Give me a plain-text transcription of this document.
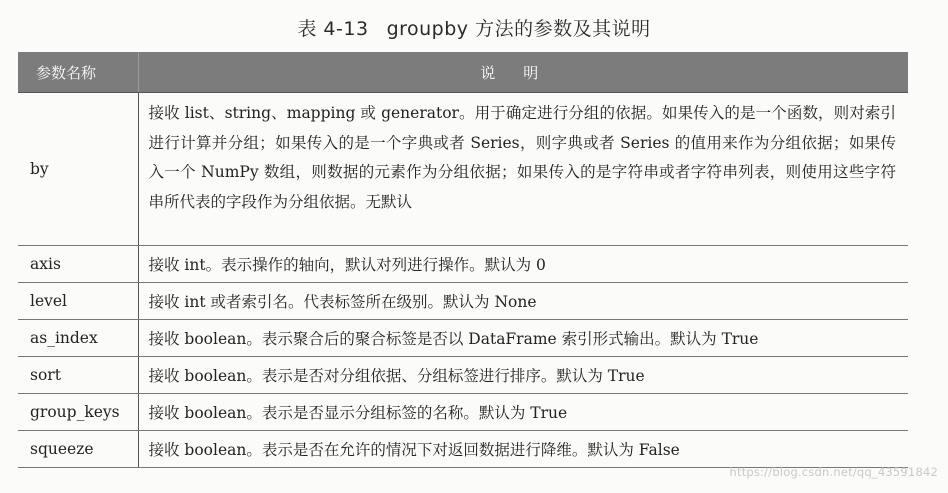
表 4-13 groupby 方法的参数及其说明
参数名称	说明
by	接收 list、string、mapping 或 generator。用于确定进行分组的依据。如果传入的是一个函数，则对索引进行计算并分组；如果传入的是一个字典或者 Series，则字典或者 Series 的值用来作为分组依据；如果传入一个 NumPy 数组，则数据的元素作为分组依据；如果传入的是字符串或者字符串列表，则使用这些字符串所代表的字段作为分组依据。无默认
axis	接收 int。表示操作的轴向，默认对列进行操作。默认为 0
level	接收 int 或者索引名。代表标签所在级别。默认为 None
as_index	接收 boolean。表示聚合后的聚合标签是否以 DataFrame 索引形式输出。默认为 True
sort	接收 boolean。表示是否对分组依据、分组标签进行排序。默认为 True
group_keys	接收 boolean。表示是否显示分组标签的名称。默认为 True
squeeze	接收 boolean。表示是否在允许的情况下对返回数据进行降维。默认为 False
https://blog.csdn.net/qq_43591842
